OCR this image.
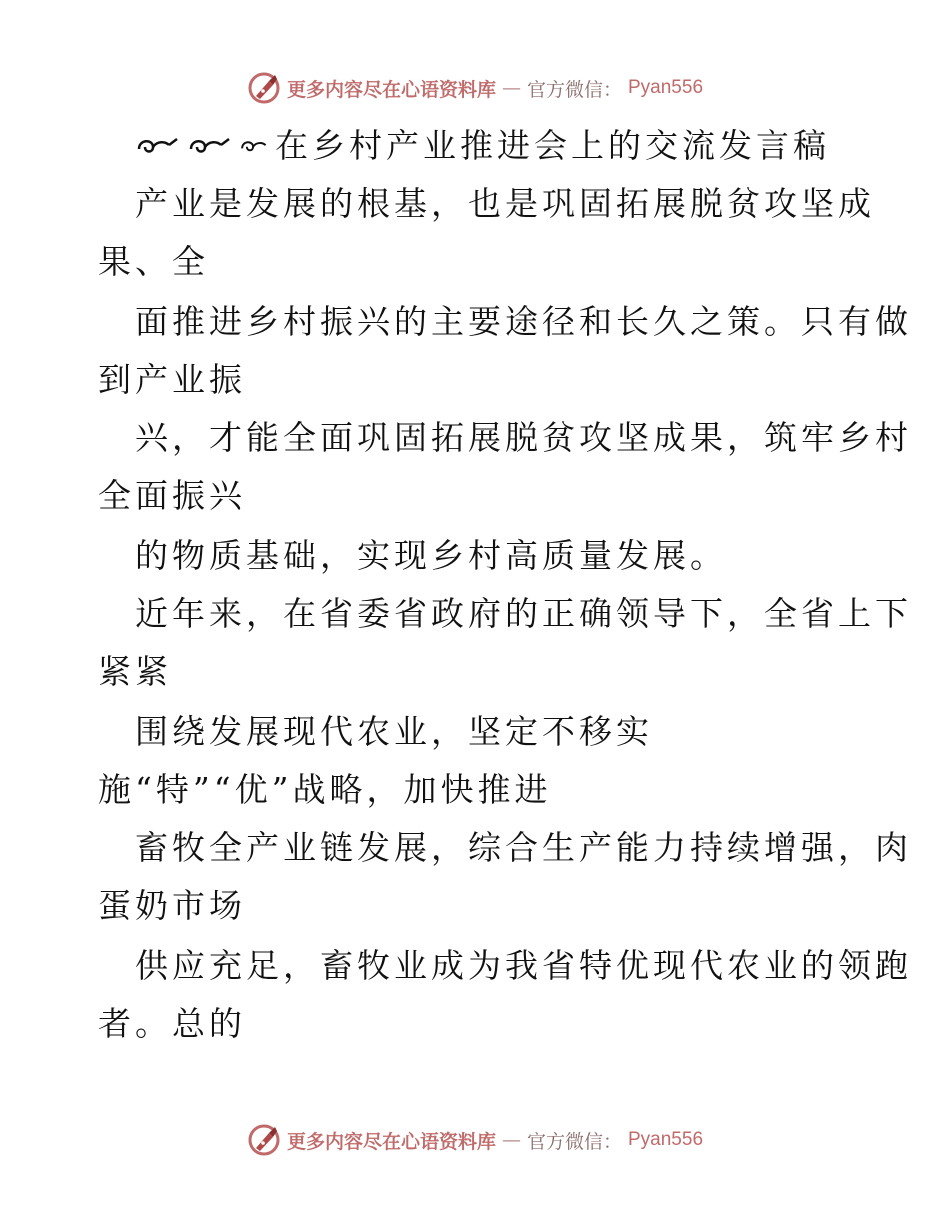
更多内容尽在心语资料库 — 官方微信： Pyan556
在乡村产业推进会上的交流发言稿
产业是发展的根基，也是巩固拓展脱贫攻坚成
果、全
面推进乡村振兴的主要途径和长久之策。只有做
到产业振
兴，才能全面巩固拓展脱贫攻坚成果，筑牢乡村
全面振兴
的物质基础，实现乡村高质量发展。
近年来，在省委省政府的正确领导下，全省上下
紧紧
围绕发展现代农业，坚定不移实
施“特”“优”战略，加快推进
畜牧全产业链发展，综合生产能力持续增强，肉
蛋奶市场
供应充足，畜牧业成为我省特优现代农业的领跑
者。总的
更多内容尽在心语资料库 — 官方微信： Pyan556
